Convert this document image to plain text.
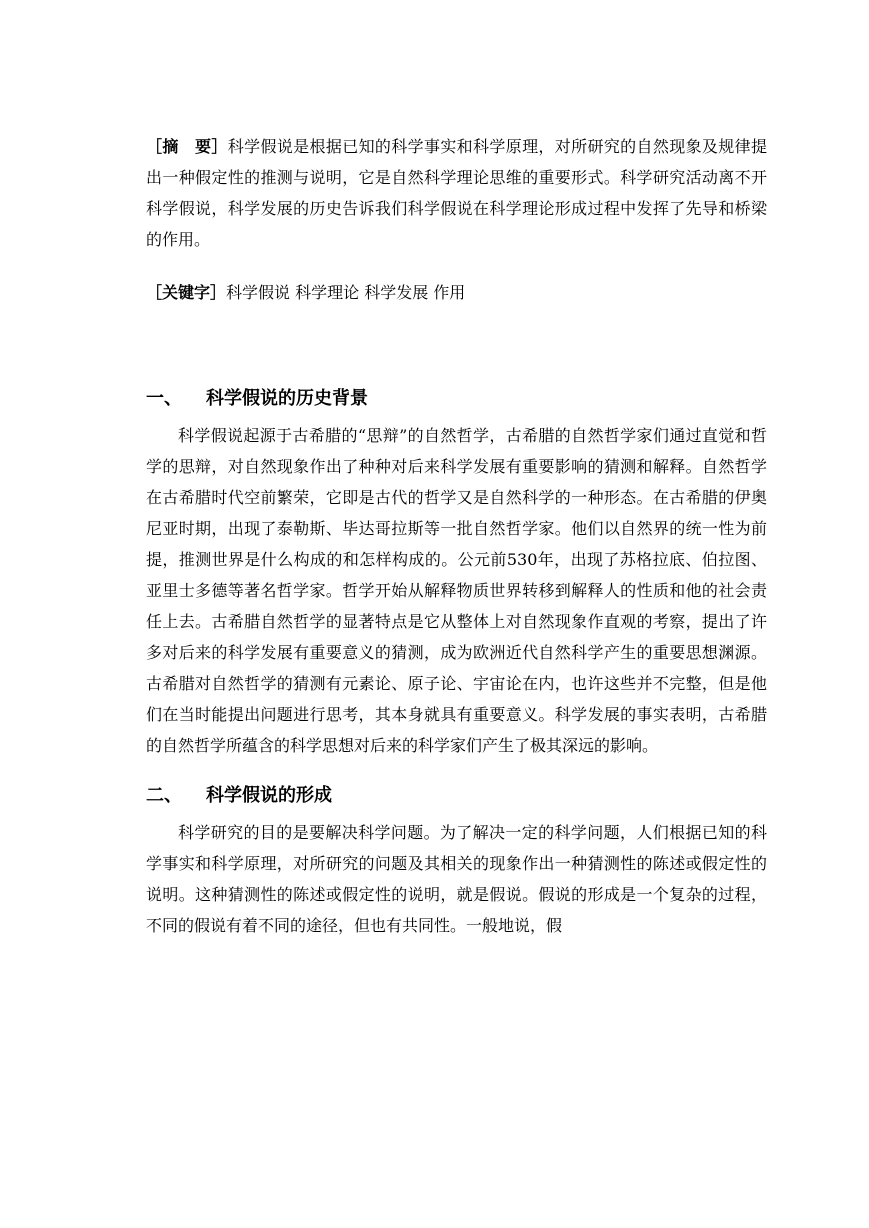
［摘　要］科学假说是根据已知的科学事实和科学原理，对所研究的自然现象及规律提出一种假定性的推测与说明，它是自然科学理论思维的重要形式。科学研究活动离不开科学假说，科学发展的历史告诉我们科学假说在科学理论形成过程中发挥了先导和桥梁的作用。

［关键字］科学假说 科学理论 科学发展 作用

一、	科学假说的历史背景

科学假说起源于古希腊的“思辩”的自然哲学，古希腊的自然哲学家们通过直觉和哲学的思辩，对自然现象作出了种种对后来科学发展有重要影响的猜测和解释。自然哲学在古希腊时代空前繁荣，它即是古代的哲学又是自然科学的一种形态。在古希腊的伊奥尼亚时期，出现了泰勒斯、毕达哥拉斯等一批自然哲学家。他们以自然界的统一性为前提，推测世界是什么构成的和怎样构成的。公元前530年，出现了苏格拉底、伯拉图、亚里士多德等著名哲学家。哲学开始从解释物质世界转移到解释人的性质和他的社会责任上去。古希腊自然哲学的显著特点是它从整体上对自然现象作直观的考察，提出了许多对后来的科学发展有重要意义的猜测，成为欧洲近代自然科学产生的重要思想渊源。古希腊对自然哲学的猜测有元素论、原子论、宇宙论在内，也许这些并不完整，但是他们在当时能提出问题进行思考，其本身就具有重要意义。科学发展的事实表明，古希腊的自然哲学所蕴含的科学思想对后来的科学家们产生了极其深远的影响。

二、	科学假说的形成

科学研究的目的是要解决科学问题。为了解决一定的科学问题，人们根据已知的科学事实和科学原理，对所研究的问题及其相关的现象作出一种猜测性的陈述或假定性的说明。这种猜测性的陈述或假定性的说明，就是假说。假说的形成是一个复杂的过程，不同的假说有着不同的途径，但也有共同性。一般地说，假
